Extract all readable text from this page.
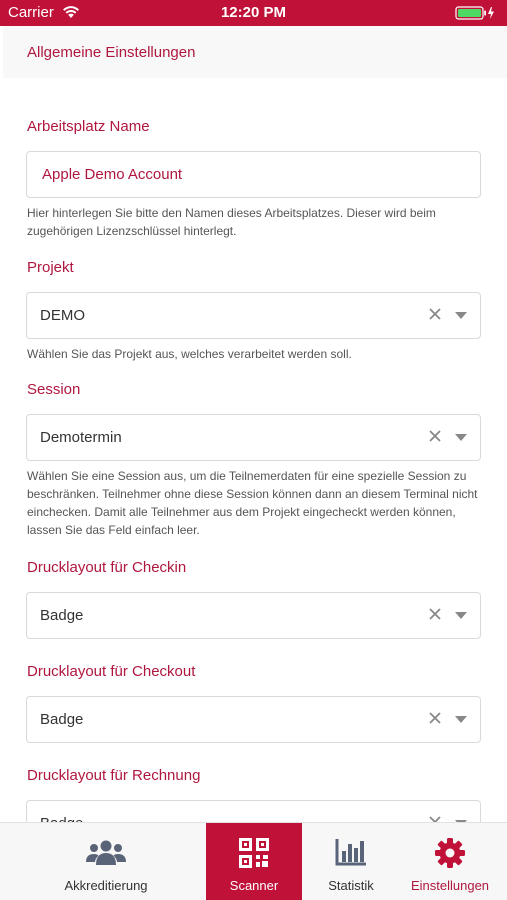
Carrier	12:20 PM
Allgemeine Einstellungen
Arbeitsplatz Name
Apple Demo Account
Hier hinterlegen Sie bitte den Namen dieses Arbeitsplatzes. Dieser wird beim zugehörigen Lizenzschlüssel hinterlegt.
Projekt
DEMO
Wählen Sie das Projekt aus, welches verarbeitet werden soll.
Session
Demotermin
Wählen Sie eine Session aus, um die Teilnemerdaten für eine spezielle Session zu beschränken. Teilnehmer ohne diese Session können dann an diesem Terminal nicht einchecken. Damit alle Teilnehmer aus dem Projekt eingecheckt werden können, lassen Sie das Feld einfach leer.
Drucklayout für Checkin
Badge
Drucklayout für Checkout
Badge
Drucklayout für Rechnung
Akkreditierung	Scanner	Statistik	Einstellungen
